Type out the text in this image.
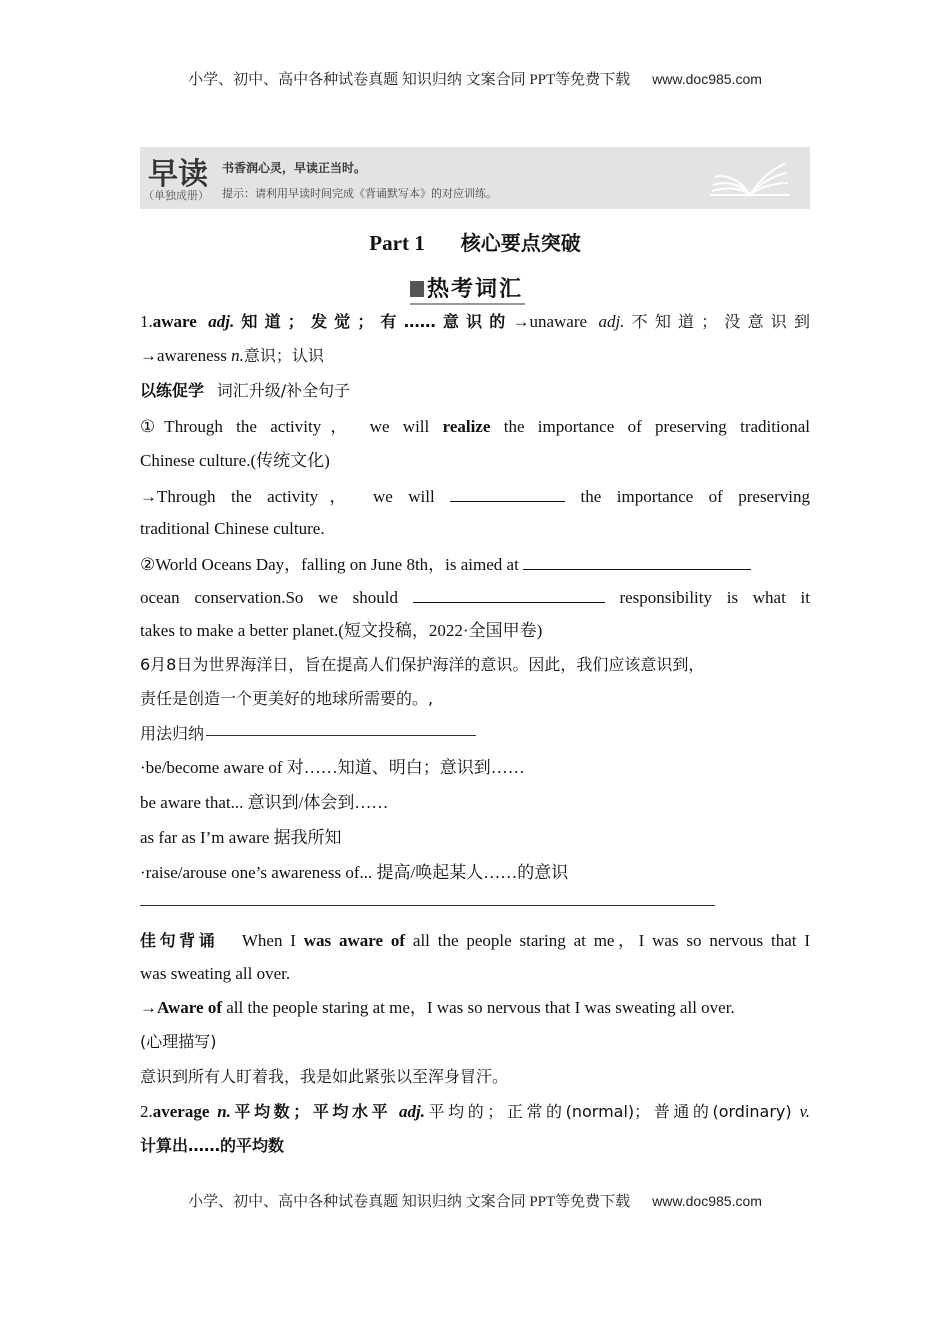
小学、初中、高中各种试卷真题 知识归纳 文案合同 PPT等免费下载 www.doc985.com
早读
（单独成册）
书香润心灵，早读正当时。
提示：请利用早读时间完成《背诵默写本》的对应训练。
Part 1 核心要点突破
热考词汇
1.aware adj.知道；发觉；有……意识的→unaware adj.不知道；没意识到
→awareness n.意识；认识
以练促学 词汇升级/补全句子
①Through the activity， we will realize the importance of preserving traditional
Chinese culture.(传统文化)
→Through the activity， we will	the importance of preserving
traditional Chinese culture.
②World Oceans Day，falling on June 8th，is aimed at
ocean conservation.So we should	responsibility is what it
takes to make a better planet.(短文投稿，2022·全国甲卷)
6月8日为世界海洋日，旨在提高人们保护海洋的意识。因此，我们应该意识到，
责任是创造一个更美好的地球所需要的。,
用法归纳
·be/become aware of 对……知道、明白；意识到……
be aware that... 意识到/体会到……
as far as I’m aware 据我所知
·raise/arouse one’s awareness of... 提高/唤起某人……的意识
佳句背诵 When I was aware of all the people staring at me，I was so nervous that I
was sweating all over.
→Aware of all the people staring at me，I was so nervous that I was sweating all over.
(心理描写)
意识到所有人盯着我，我是如此紧张以至浑身冒汗。
2.average n.平均数；平均水平 adj.平均的；正常的(normal)；普通的(ordinary) v.
计算出……的平均数
小学、初中、高中各种试卷真题 知识归纳 文案合同 PPT等免费下载 www.doc985.com
